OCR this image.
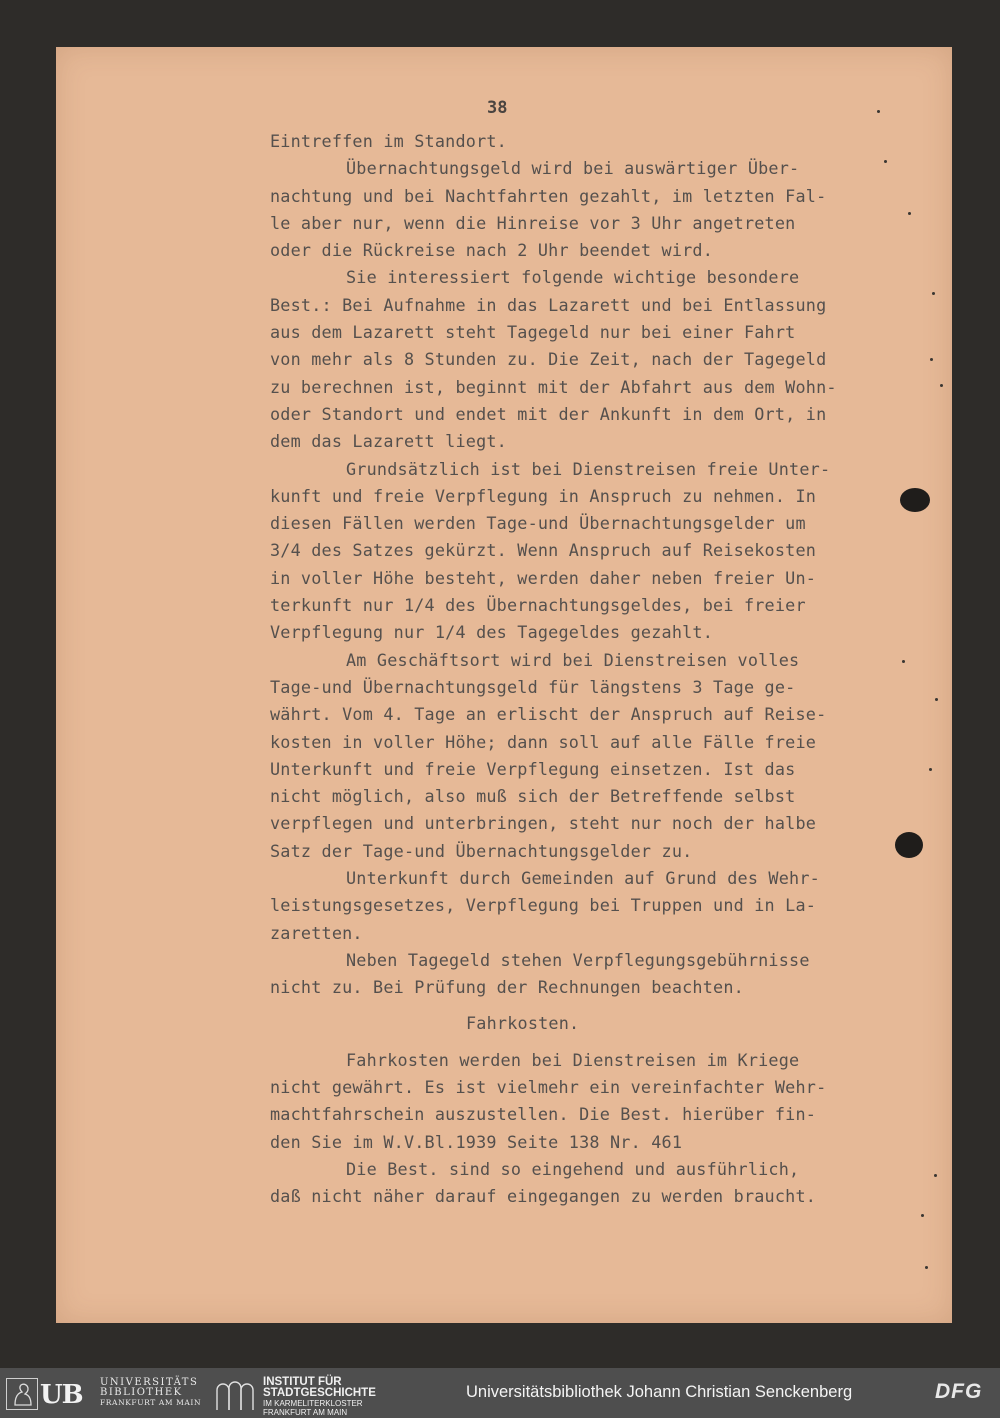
38

Eintreffen im Standort.

Übernachtungsgeld wird bei auswärtiger Über-

nachtung und bei Nachtfahrten gezahlt, im letzten Fal-

le aber nur, wenn die Hinreise vor 3 Uhr angetreten

oder die Rückreise nach 2 Uhr beendet wird.

Sie interessiert folgende wichtige besondere

Best.: Bei Aufnahme in das Lazarett und bei Entlassung

aus dem Lazarett steht Tagegeld nur bei einer Fahrt

von mehr als 8 Stunden zu. Die Zeit, nach der Tagegeld

zu berechnen ist, beginnt mit der Abfahrt aus dem Wohn-

oder Standort und endet mit der Ankunft in dem Ort, in

dem das Lazarett liegt.

Grundsätzlich ist bei Dienstreisen freie Unter-

kunft und freie Verpflegung in Anspruch zu nehmen. In

diesen Fällen werden Tage-und Übernachtungsgelder um

3/4 des Satzes gekürzt. Wenn Anspruch auf Reisekosten

in voller Höhe besteht, werden daher neben freier Un-

terkunft nur 1/4 des Übernachtungsgeldes, bei freier

Verpflegung nur 1/4 des Tagegeldes gezahlt.

Am Geschäftsort wird bei Dienstreisen volles

Tage-und Übernachtungsgeld für längstens 3 Tage ge-

währt. Vom 4. Tage an erlischt der Anspruch auf Reise-

kosten in voller Höhe; dann soll auf alle Fälle freie

Unterkunft und freie Verpflegung einsetzen. Ist das

nicht möglich, also muß sich der Betreffende selbst

verpflegen und unterbringen, steht nur noch der halbe

Satz der Tage-und Übernachtungsgelder zu.

Unterkunft durch Gemeinden auf Grund des Wehr-

leistungsgesetzes, Verpflegung bei Truppen und in La-

zaretten.

Neben Tagegeld stehen Verpflegungsgebührnisse

nicht zu. Bei Prüfung der Rechnungen beachten.

Fahrkosten.

Fahrkosten werden bei Dienstreisen im Kriege

nicht gewährt. Es ist vielmehr ein vereinfachter Wehr-

machtfahrschein auszustellen. Die Best. hierüber fin-

den Sie im W.V.Bl.1939 Seite 138 Nr. 461

Die Best. sind so eingehend und ausführlich,

daß nicht näher darauf eingegangen zu werden braucht.

UB UNIVERSITÄTS
BIBLIOTHEK
FRANKFURT AM MAIN
INSTITUT FÜR
STADTGESCHICHTE
IM KARMELITERKLOSTER
FRANKFURT AM MAIN
Universitätsbibliothek Johann Christian Senckenberg	DFG
